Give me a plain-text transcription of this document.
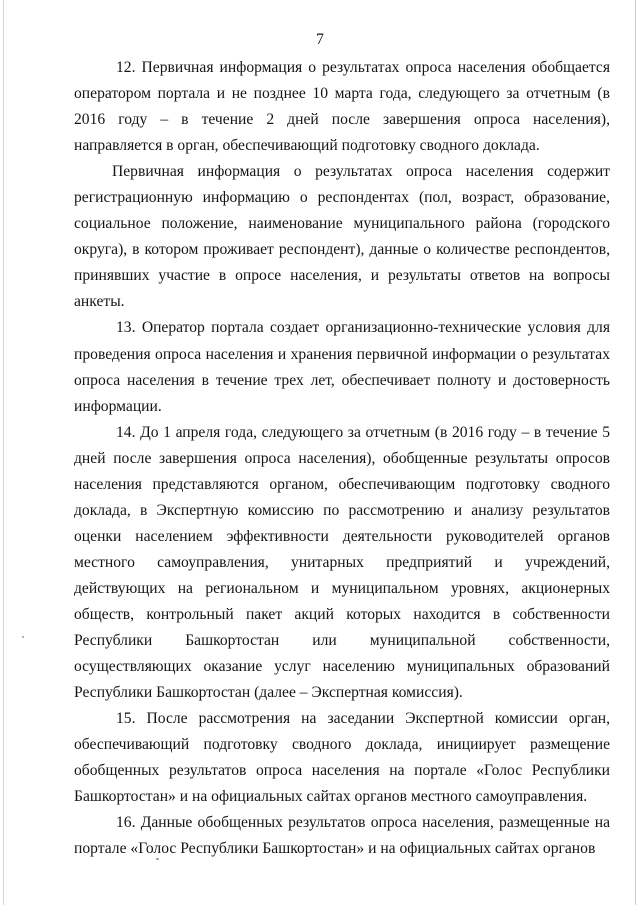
7

12. Первичная информация о результатах опроса населения обобщается оператором портала и не позднее 10 марта года, следующего за отчетным (в 2016 году – в течение 2 дней после завершения опроса населения), направляется в орган, обеспечивающий подготовку сводного доклада.

Первичная информация о результатах опроса населения содержит регистрационную информацию о респондентах (пол, возраст, образование, социальное положение, наименование муниципального района (городского округа), в котором проживает респондент), данные о количестве респондентов, принявших участие в опросе населения, и результаты ответов на вопросы анкеты.

13. Оператор портала создает организационно-технические условия для проведения опроса населения и хранения первичной информации о результатах опроса населения в течение трех лет, обеспечивает полноту и достоверность информации.

14. До 1 апреля года, следующего за отчетным (в 2016 году – в течение 5 дней после завершения опроса населения), обобщенные результаты опросов населения представляются органом, обеспечивающим подготовку сводного доклада, в Экспертную комиссию по рассмотрению и анализу результатов оценки населением эффективности деятельности руководителей органов местного самоуправления, унитарных предприятий и учреждений, действующих на региональном и муниципальном уровнях, акционерных обществ, контрольный пакет акций которых находится в собственности Республики Башкортостан или муниципальной собственности, осуществляющих оказание услуг населению муниципальных образований Республики Башкортостан (далее – Экспертная комиссия).

15. После рассмотрения на заседании Экспертной комиссии орган, обеспечивающий подготовку сводного доклада, инициирует размещение обобщенных результатов опроса населения на портале «Голос Республики Башкортостан» и на официальных сайтах органов местного самоуправления.

16. Данные обобщенных результатов опроса населения, размещенные на портале «Голос Республики Башкортостан» и на официальных сайтах органов
